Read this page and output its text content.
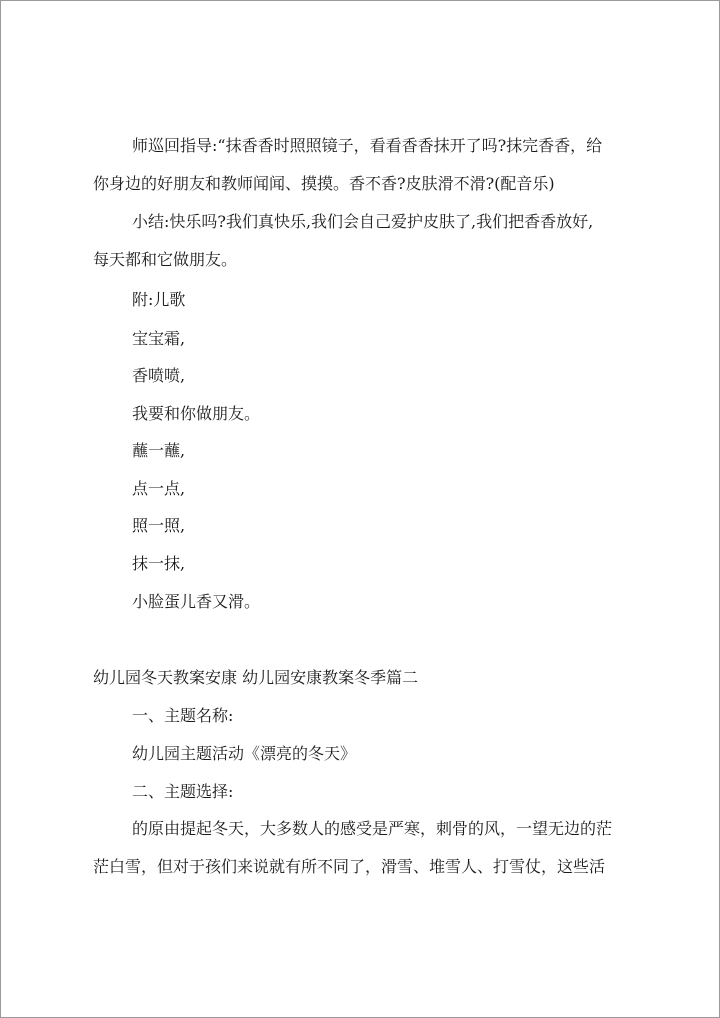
师巡回指导:“抹香香时照照镜子，看看香香抹开了吗?抹完香香，给
你身边的好朋友和教师闻闻、摸摸。香不香?皮肤滑不滑?(配音乐)
小结:快乐吗?我们真快乐,我们会自己爱护皮肤了,我们把香香放好,
每天都和它做朋友。
附:儿歌
宝宝霜,
香喷喷,
我要和你做朋友。
蘸一蘸,
点一点,
照一照,
抹一抹,
小脸蛋儿香又滑。
幼儿园冬天教案安康 幼儿园安康教案冬季篇二
一、主题名称:
幼儿园主题活动《漂亮的冬天》
二、主题选择:
的原由提起冬天，大多数人的感受是严寒，刺骨的风，一望无边的茫
茫白雪，但对于孩们来说就有所不同了，滑雪、堆雪人、打雪仗，这些活
